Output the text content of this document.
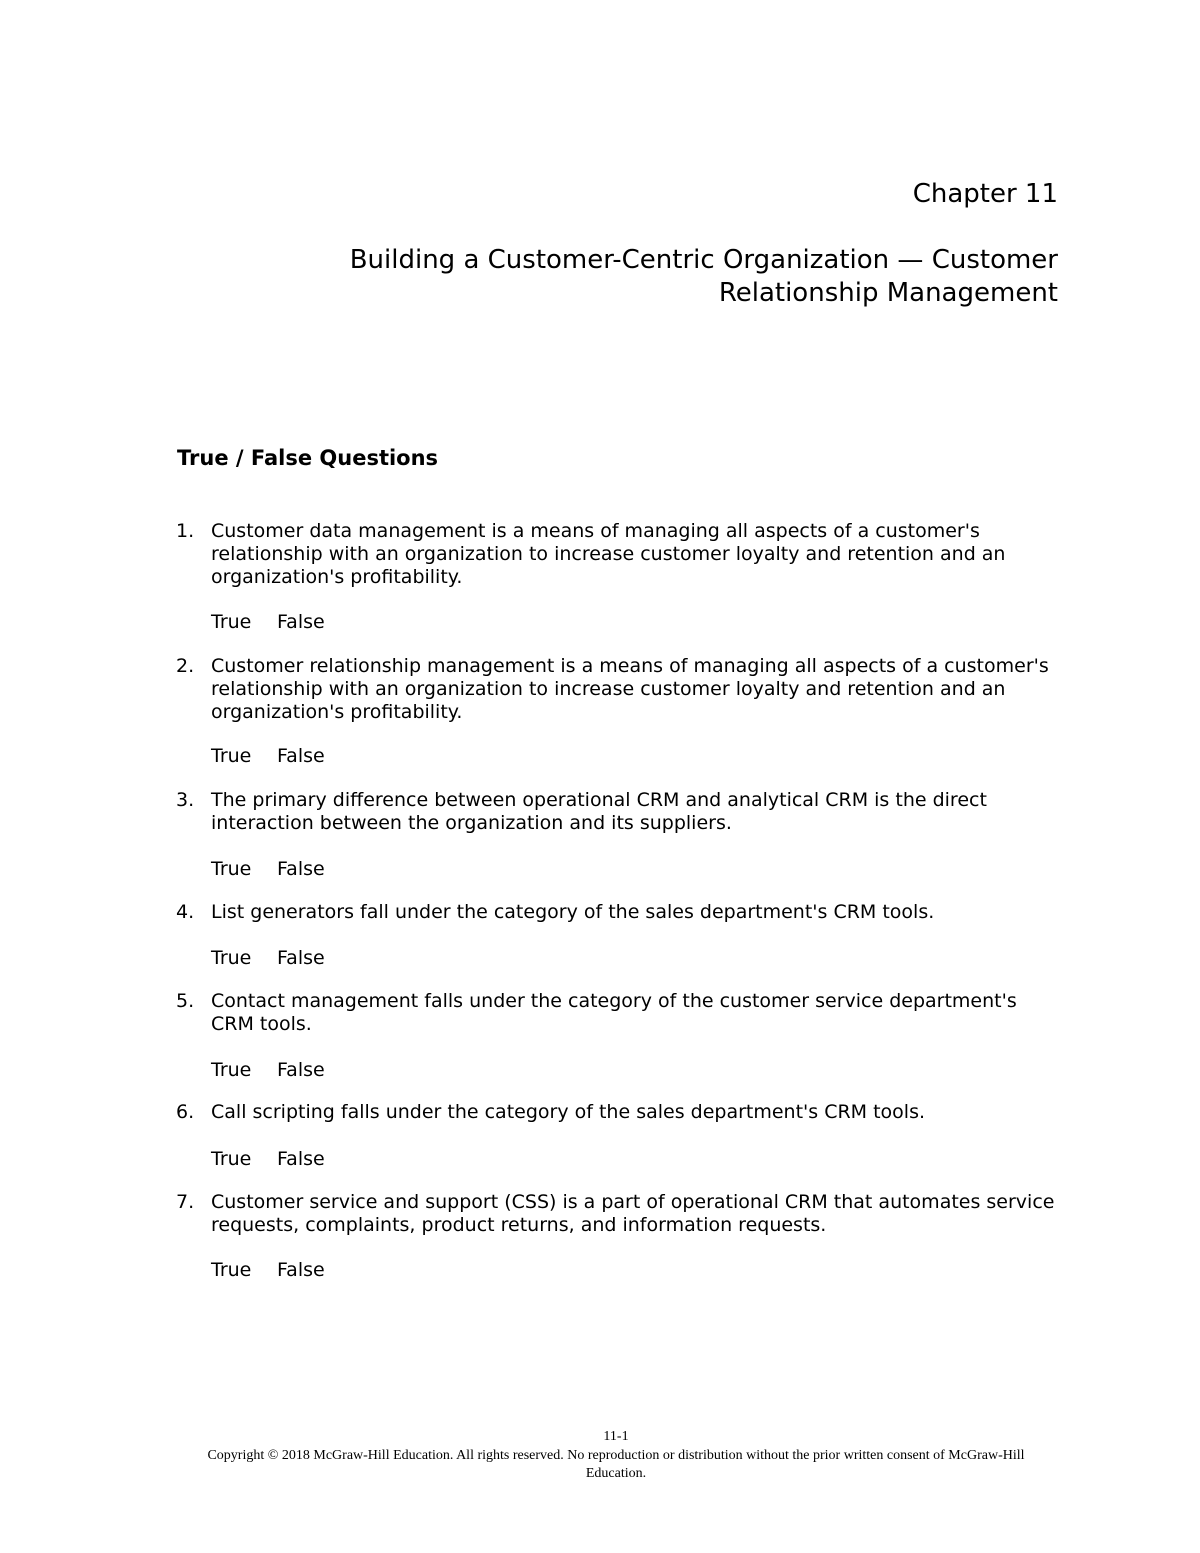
Chapter 11
Building a Customer-Centric Organization — Customer Relationship Management
True / False Questions
1. Customer data management is a means of managing all aspects of a customer's relationship with an organization to increase customer loyalty and retention and an organization's profitability.
True False
2. Customer relationship management is a means of managing all aspects of a customer's relationship with an organization to increase customer loyalty and retention and an organization's profitability.
True False
3. The primary difference between operational CRM and analytical CRM is the direct interaction between the organization and its suppliers.
True False
4. List generators fall under the category of the sales department's CRM tools.
True False
5. Contact management falls under the category of the customer service department's CRM tools.
True False
6. Call scripting falls under the category of the sales department's CRM tools.
True False
7. Customer service and support (CSS) is a part of operational CRM that automates service requests, complaints, product returns, and information requests.
True False
11-1
Copyright © 2018 McGraw-Hill Education. All rights reserved. No reproduction or distribution without the prior written consent of McGraw-Hill Education.
